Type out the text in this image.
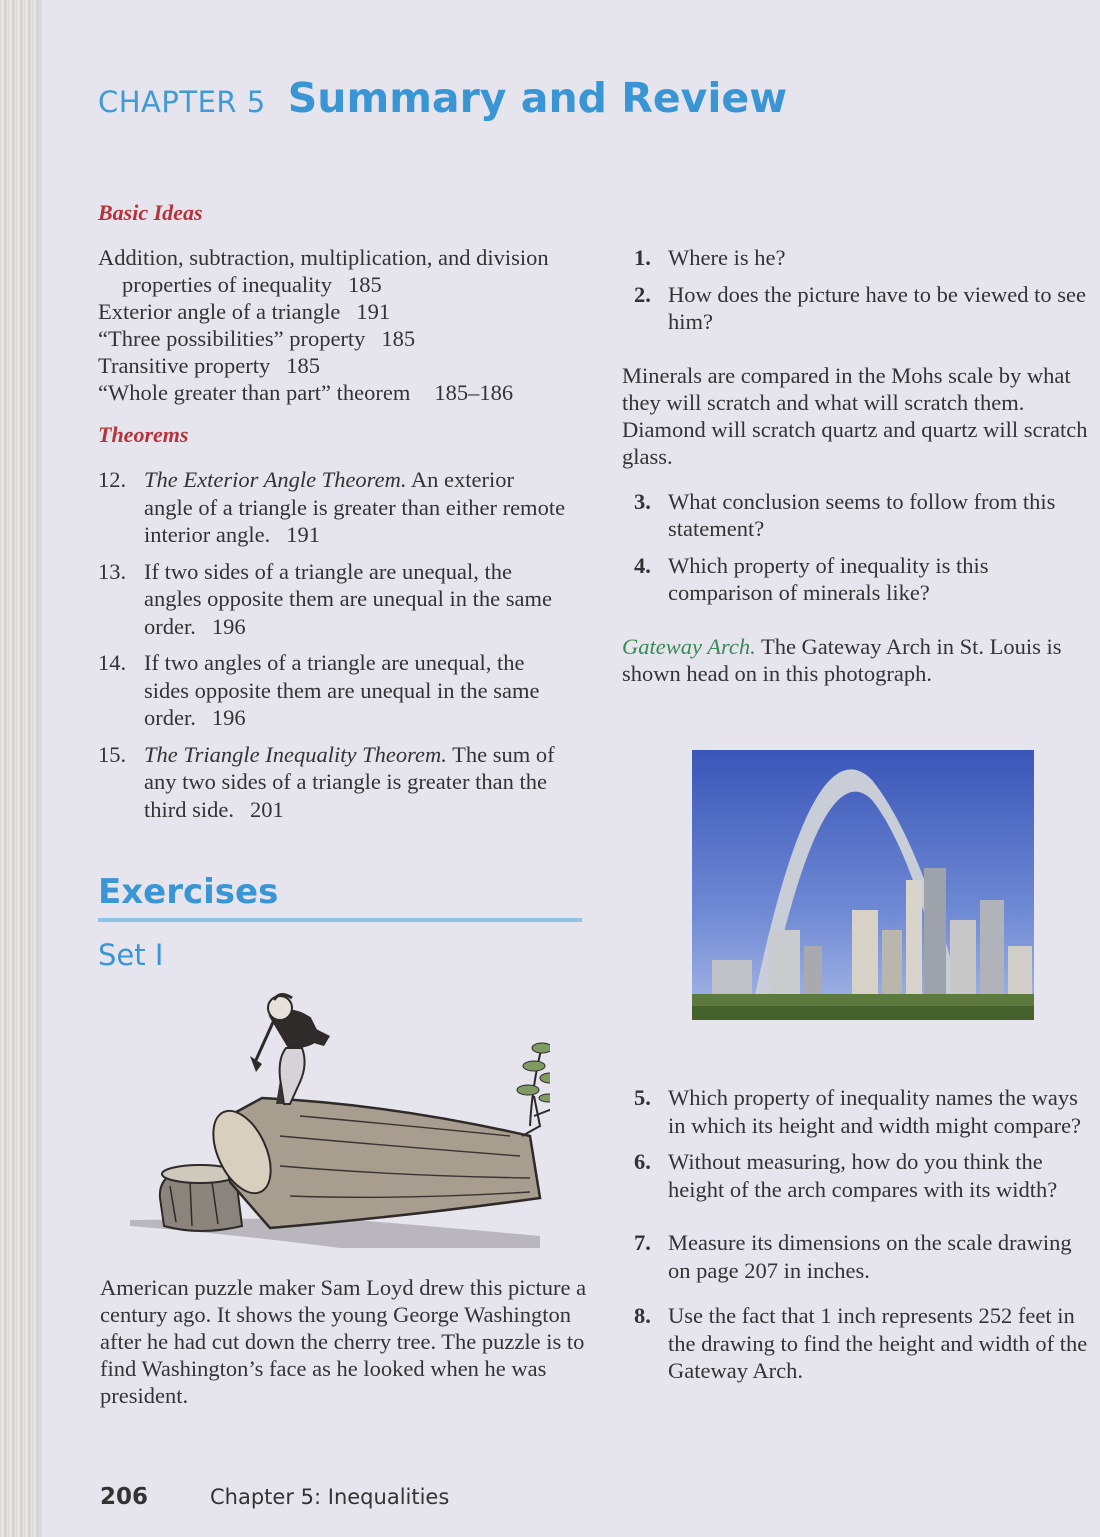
CHAPTER 5 Summary and Review
Basic Ideas
Addition, subtraction, multiplication, and division properties of inequality 185
Exterior angle of a triangle 191
“Three possibilities” property 185
Transitive property 185
“Whole greater than part” theorem 185–186
Theorems
12. The Exterior Angle Theorem. An exterior angle of a triangle is greater than either remote interior angle. 191
13. If two sides of a triangle are unequal, the angles opposite them are unequal in the same order. 196
14. If two angles of a triangle are unequal, the sides opposite them are unequal in the same order. 196
15. The Triangle Inequality Theorem. The sum of any two sides of a triangle is greater than the third side. 201
Exercises
Set I
American puzzle maker Sam Loyd drew this picture a century ago. It shows the young George Washington after he had cut down the cherry tree. The puzzle is to find Washington’s face as he looked when he was president.
1. Where is he?
2. How does the picture have to be viewed to see him?
Minerals are compared in the Mohs scale by what they will scratch and what will scratch them. Diamond will scratch quartz and quartz will scratch glass.
3. What conclusion seems to follow from this statement?
4. Which property of inequality is this comparison of minerals like?
Gateway Arch. The Gateway Arch in St. Louis is shown head on in this photograph.
5. Which property of inequality names the ways in which its height and width might compare?
6. Without measuring, how do you think the height of the arch compares with its width?
7. Measure its dimensions on the scale drawing on page 207 in inches.
8. Use the fact that 1 inch represents 252 feet in the drawing to find the height and width of the Gateway Arch.
206	Chapter 5: Inequalities
